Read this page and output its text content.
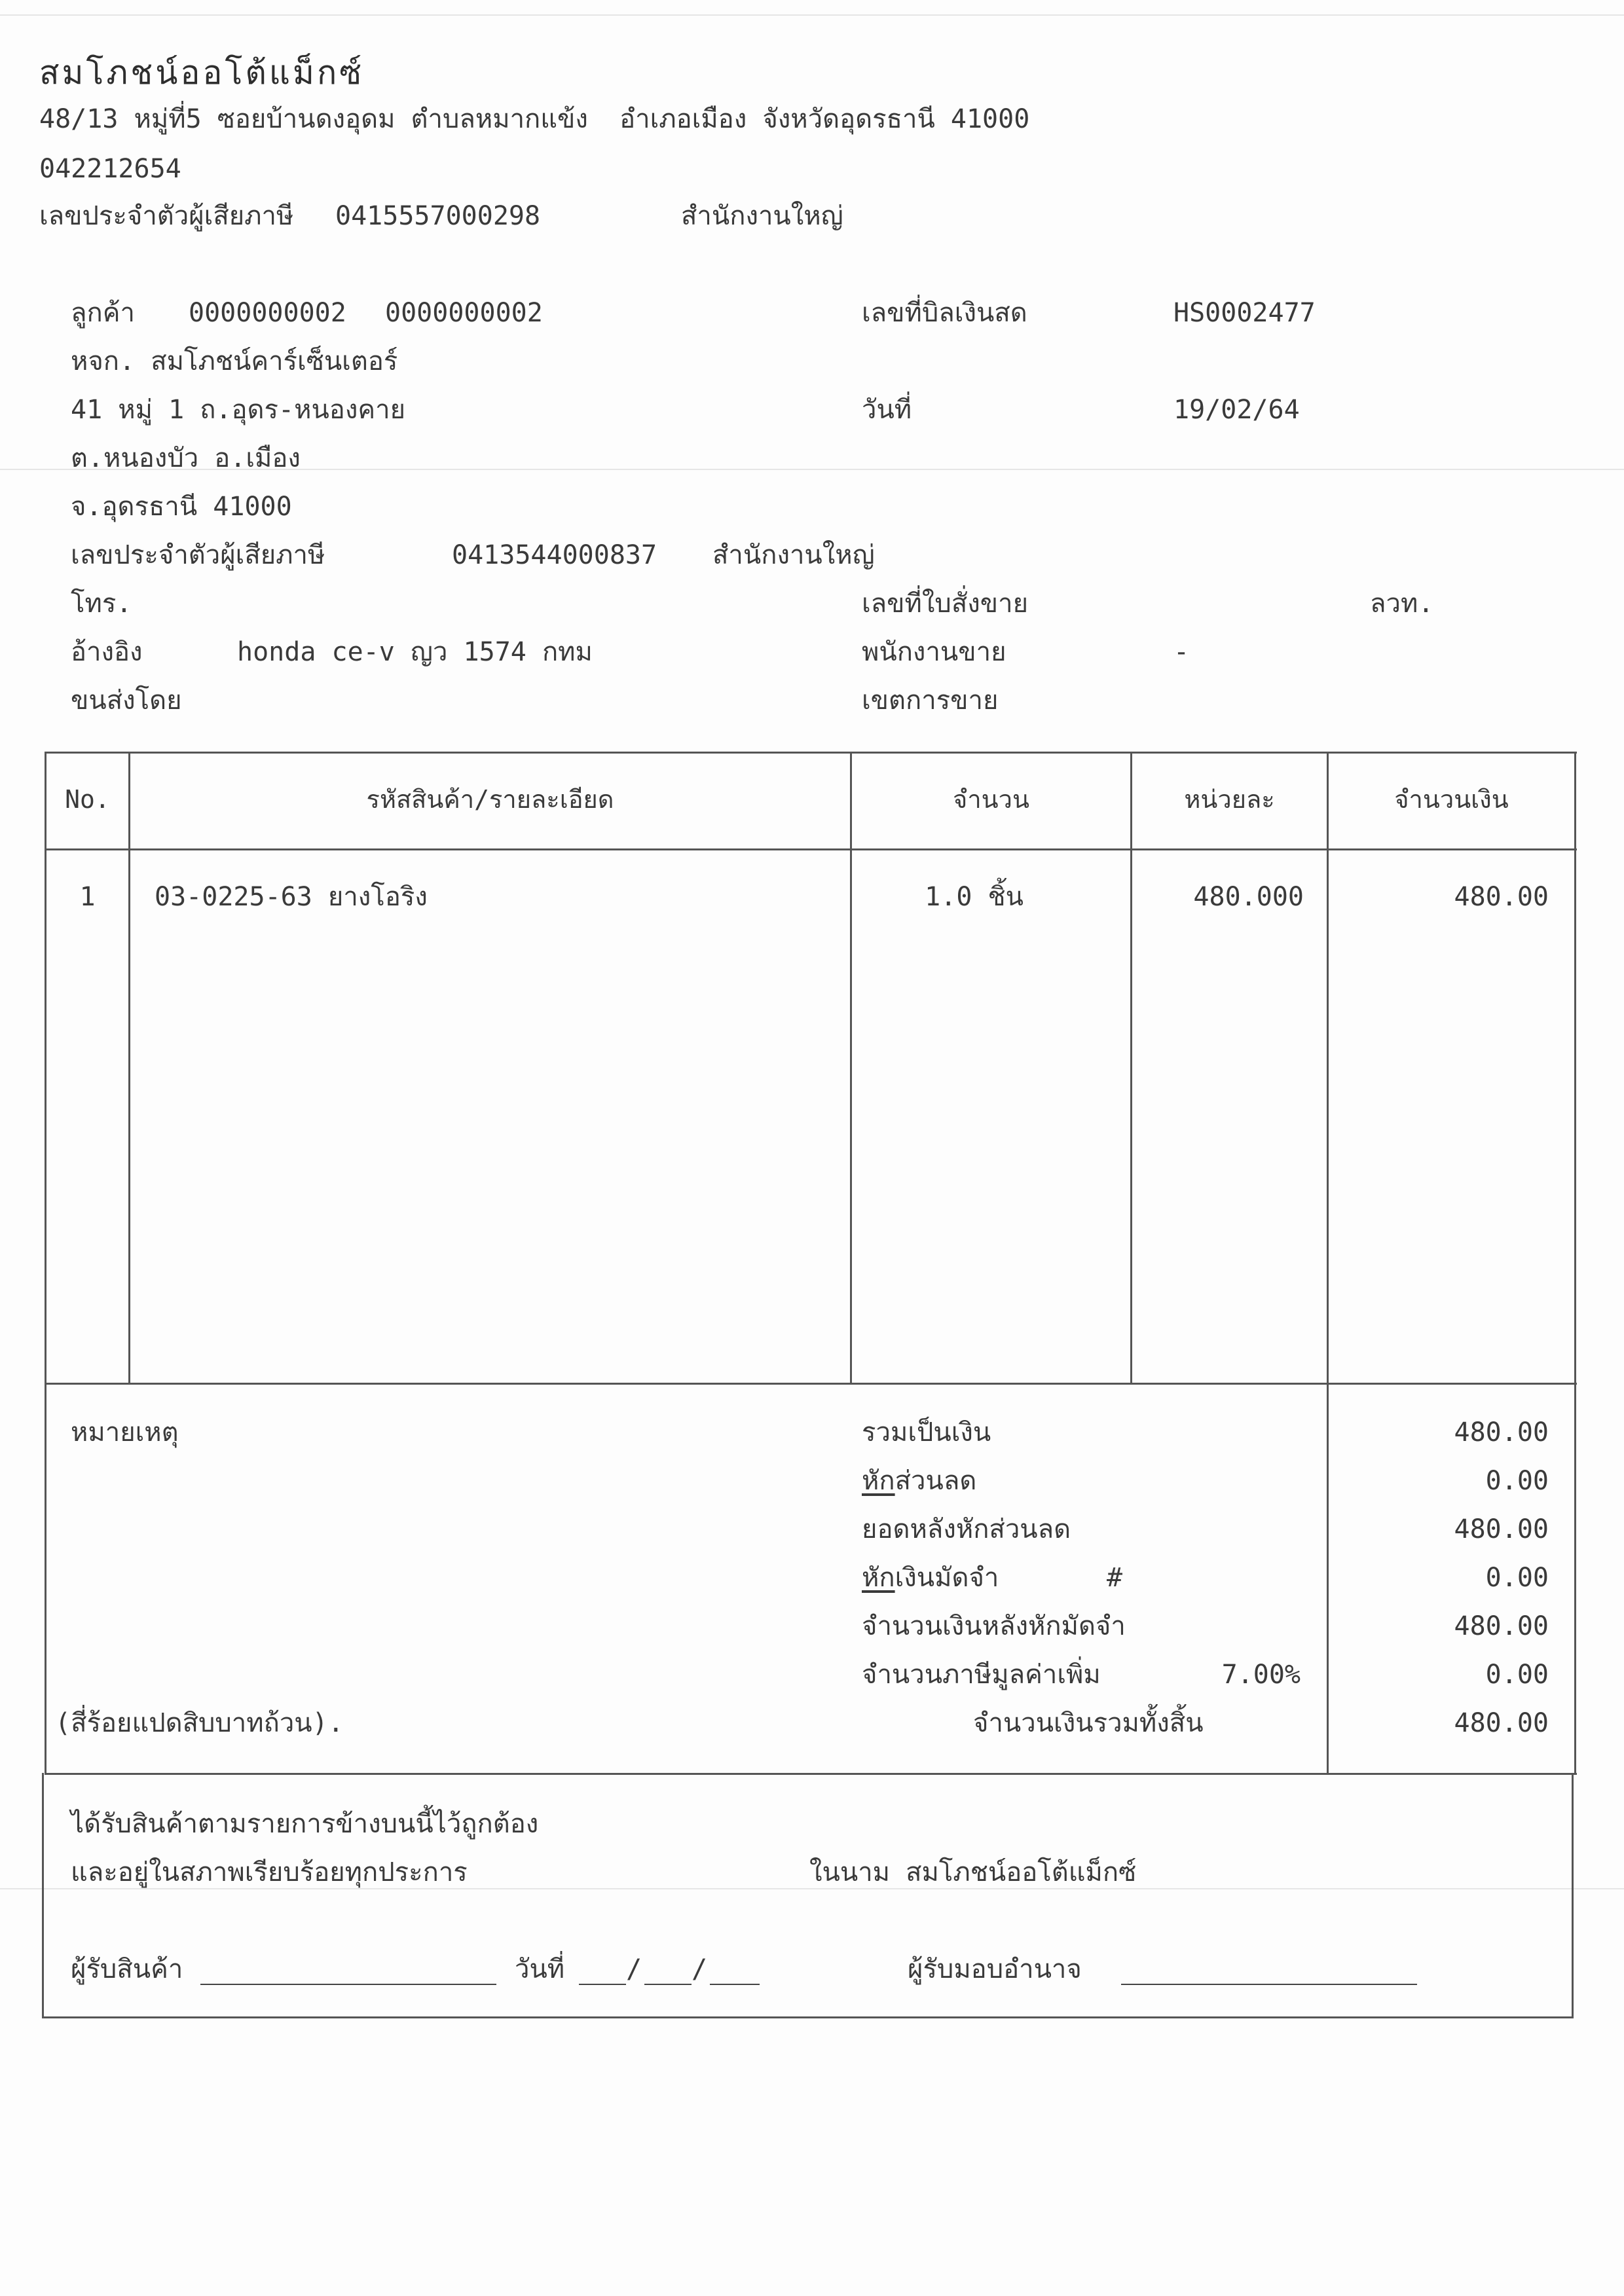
สมโภชน์ออโต้แม็กซ์
48/13 หมู่ที่5 ซอยบ้านดงอุดม ตำบลหมากแข้ง  อำเภอเมือง จังหวัดอุดรธานี 41000
042212654
เลขประจำตัวผู้เสียภาษี 0415557000298	สำนักงานใหญ่
ลูกค้า 0000000002 0000000002
หจก. สมโภชน์คาร์เซ็นเตอร์
41 หมู่ 1 ถ.อุดร-หนองคาย
ต.หนองบัว อ.เมือง
จ.อุดรธานี 41000
เลขประจำตัวผู้เสียภาษี	0413544000837 สำนักงานใหญ่
โทร.
อ้างอิง	honda ce-v ญว 1574 กทม
ขนส่งโดย
เลขที่บิลเงินสด	HS0002477
วันที่	19/02/64
เลขที่ใบสั่งขาย	ลวท.
พนักงานขาย	-
เขตการขาย
No.	รหัสสินค้า/รายละเอียด	จำนวน	หน่วยละ	จำนวนเงิน
1	03-0225-63 ยางโอริง	1.0 ชิ้น	480.000	480.00
หมายเหตุ
(สี่ร้อยแปดสิบบาทถ้วน).
รวมเป็นเงิน	480.00
หักส่วนลด	0.00
ยอดหลังหักส่วนลด	480.00
หักเงินมัดจำ	#	0.00
จำนวนเงินหลังหักมัดจำ	480.00
จำนวนภาษีมูลค่าเพิ่ม	7.00%	0.00
จำนวนเงินรวมทั้งสิ้น	480.00
ได้รับสินค้าตามรายการข้างบนนี้ไว้ถูกต้อง
และอยู่ในสภาพเรียบร้อยทุกประการ	ในนาม สมโภชน์ออโต้แม็กซ์
ผู้รับสินค้า	วันที่ / /	ผู้รับมอบอำนาจ
